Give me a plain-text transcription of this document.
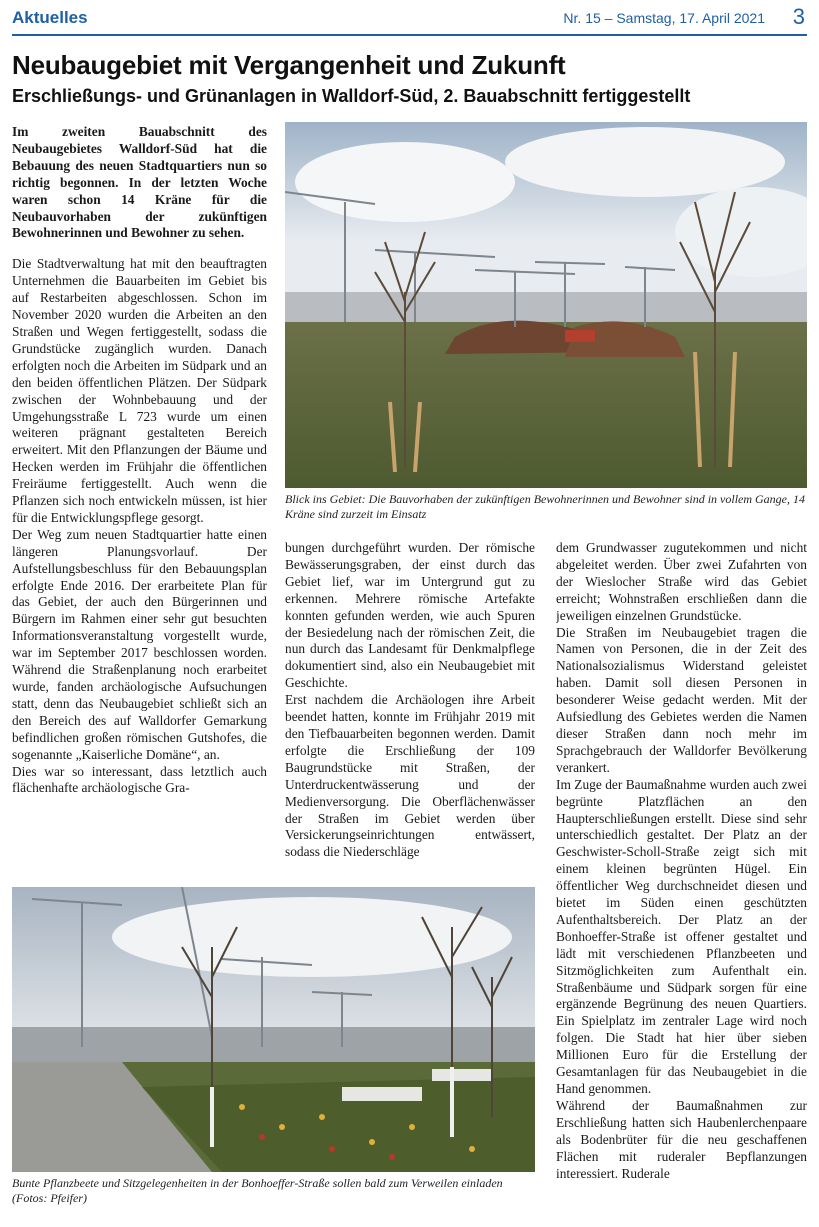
Aktuelles	Nr. 15 – Samstag, 17. April 2021 3
Neubaugebiet mit Vergangenheit und Zukunft
Erschließungs- und Grünanlagen in Walldorf-Süd, 2. Bauabschnitt fertiggestellt

Im zweiten Bauabschnitt des Neubaugebietes Walldorf-Süd hat die Bebauung des neuen Stadtquartiers nun so richtig begonnen. In der letzten Woche waren schon 14 Kräne für die Neubauvorhaben der zukünftigen Bewohnerinnen und Bewohner zu sehen.

Die Stadtverwaltung hat mit den beauftragten Unternehmen die Bauarbeiten im Gebiet bis auf Restarbeiten abgeschlossen. Schon im November 2020 wurden die Arbeiten an den Straßen und Wegen fertiggestellt, sodass die Grundstücke zugänglich wurden. Danach erfolgten noch die Arbeiten im Südpark und an den beiden öffentlichen Plätzen. Der Südpark zwischen der Wohnbebauung und der Umgehungsstraße L 723 wurde um einen weiteren prägnant gestalteten Bereich erweitert. Mit den Pflanzungen der Bäume und Hecken werden im Frühjahr die öffentlichen Freiräume fertiggestellt. Auch wenn die Pflanzen sich noch entwickeln müssen, ist hier für die Entwicklungspflege gesorgt.

Der Weg zum neuen Stadtquartier hatte einen längeren Planungsvorlauf. Der Aufstellungsbeschluss für den Bebauungsplan erfolgte Ende 2016. Der erarbeitete Plan für das Gebiet, der auch den Bürgerinnen und Bürgern im Rahmen einer sehr gut besuchten Informationsveranstaltung vorgestellt wurde, war im September 2017 beschlossen worden. Während die Straßenplanung noch erarbeitet wurde, fanden archäologische Aufsuchungen statt, denn das Neubaugebiet schließt sich an den Bereich des auf Walldorfer Gemarkung befindlichen großen römischen Gutshofes, die sogenannte „Kaiserliche Domäne“, an.

Dies war so interessant, dass letztlich auch flächenhafte archäologische Gra-

Blick ins Gebiet: Die Bauvorhaben der zukünftigen Bewohnerinnen und Bewohner sind in vollem Gange, 14 Kräne sind zurzeit im Einsatz

bungen durchgeführt wurden. Der römische Bewässerungsgraben, der einst durch das Gebiet lief, war im Untergrund gut zu erkennen. Mehrere römische Artefakte konnten gefunden werden, wie auch Spuren der Besiedelung nach der römischen Zeit, die nun durch das Landesamt für Denkmalpflege dokumentiert sind, also ein Neubaugebiet mit Geschichte.

Erst nachdem die Archäologen ihre Arbeit beendet hatten, konnte im Frühjahr 2019 mit den Tiefbauarbeiten begonnen werden. Damit erfolgte die Erschließung der 109 Baugrundstücke mit Straßen, der Unterdruckentwässerung und der Medienversorgung. Die Oberflächenwässer der Straßen im Gebiet werden über Versickerungseinrichtungen entwässert, sodass die Niederschläge

dem Grundwasser zugutekommen und nicht abgeleitet werden. Über zwei Zufahrten von der Wieslocher Straße wird das Gebiet erreicht; Wohnstraßen erschließen dann die jeweiligen einzelnen Grundstücke.

Die Straßen im Neubaugebiet tragen die Namen von Personen, die in der Zeit des Nationalsozialismus Widerstand geleistet haben. Damit soll diesen Personen in besonderer Weise gedacht werden. Mit der Aufsiedlung des Gebietes werden die Namen dieser Straßen dann noch mehr im Sprachgebrauch der Walldorfer Bevölkerung verankert.

Im Zuge der Baumaßnahme wurden auch zwei begrünte Platzflächen an den Haupterschließungen erstellt. Diese sind sehr unterschiedlich gestaltet. Der Platz an der Geschwister-Scholl-Straße zeigt sich mit einem kleinen begrünten Hügel. Ein öffentlicher Weg durchschneidet diesen und bietet im Süden einen geschützten Aufenthaltsbereich. Der Platz an der Bonhoeffer-Straße ist offener gestaltet und lädt mit verschiedenen Pflanzbeeten und Sitzmöglichkeiten zum Aufenthalt ein. Straßenbäume und Südpark sorgen für eine ergänzende Begrünung des neuen Quartiers. Ein Spielplatz im zentraler Lage wird noch folgen. Die Stadt hat hier über sieben Millionen Euro für die Erstellung der Gesamtanlagen für das Neubaugebiet in die Hand genommen.

Während der Baumaßnahmen zur Erschließung hatten sich Haubenlerchenpaare als Bodenbrüter für die neu geschaffenen Flächen mit ruderaler Bepflanzungen interessiert. Ruderale

Bunte Pflanzbeete und Sitzgelegenheiten in der Bonhoeffer-Straße sollen bald zum Verweilen einladen (Fotos: Pfeifer)
